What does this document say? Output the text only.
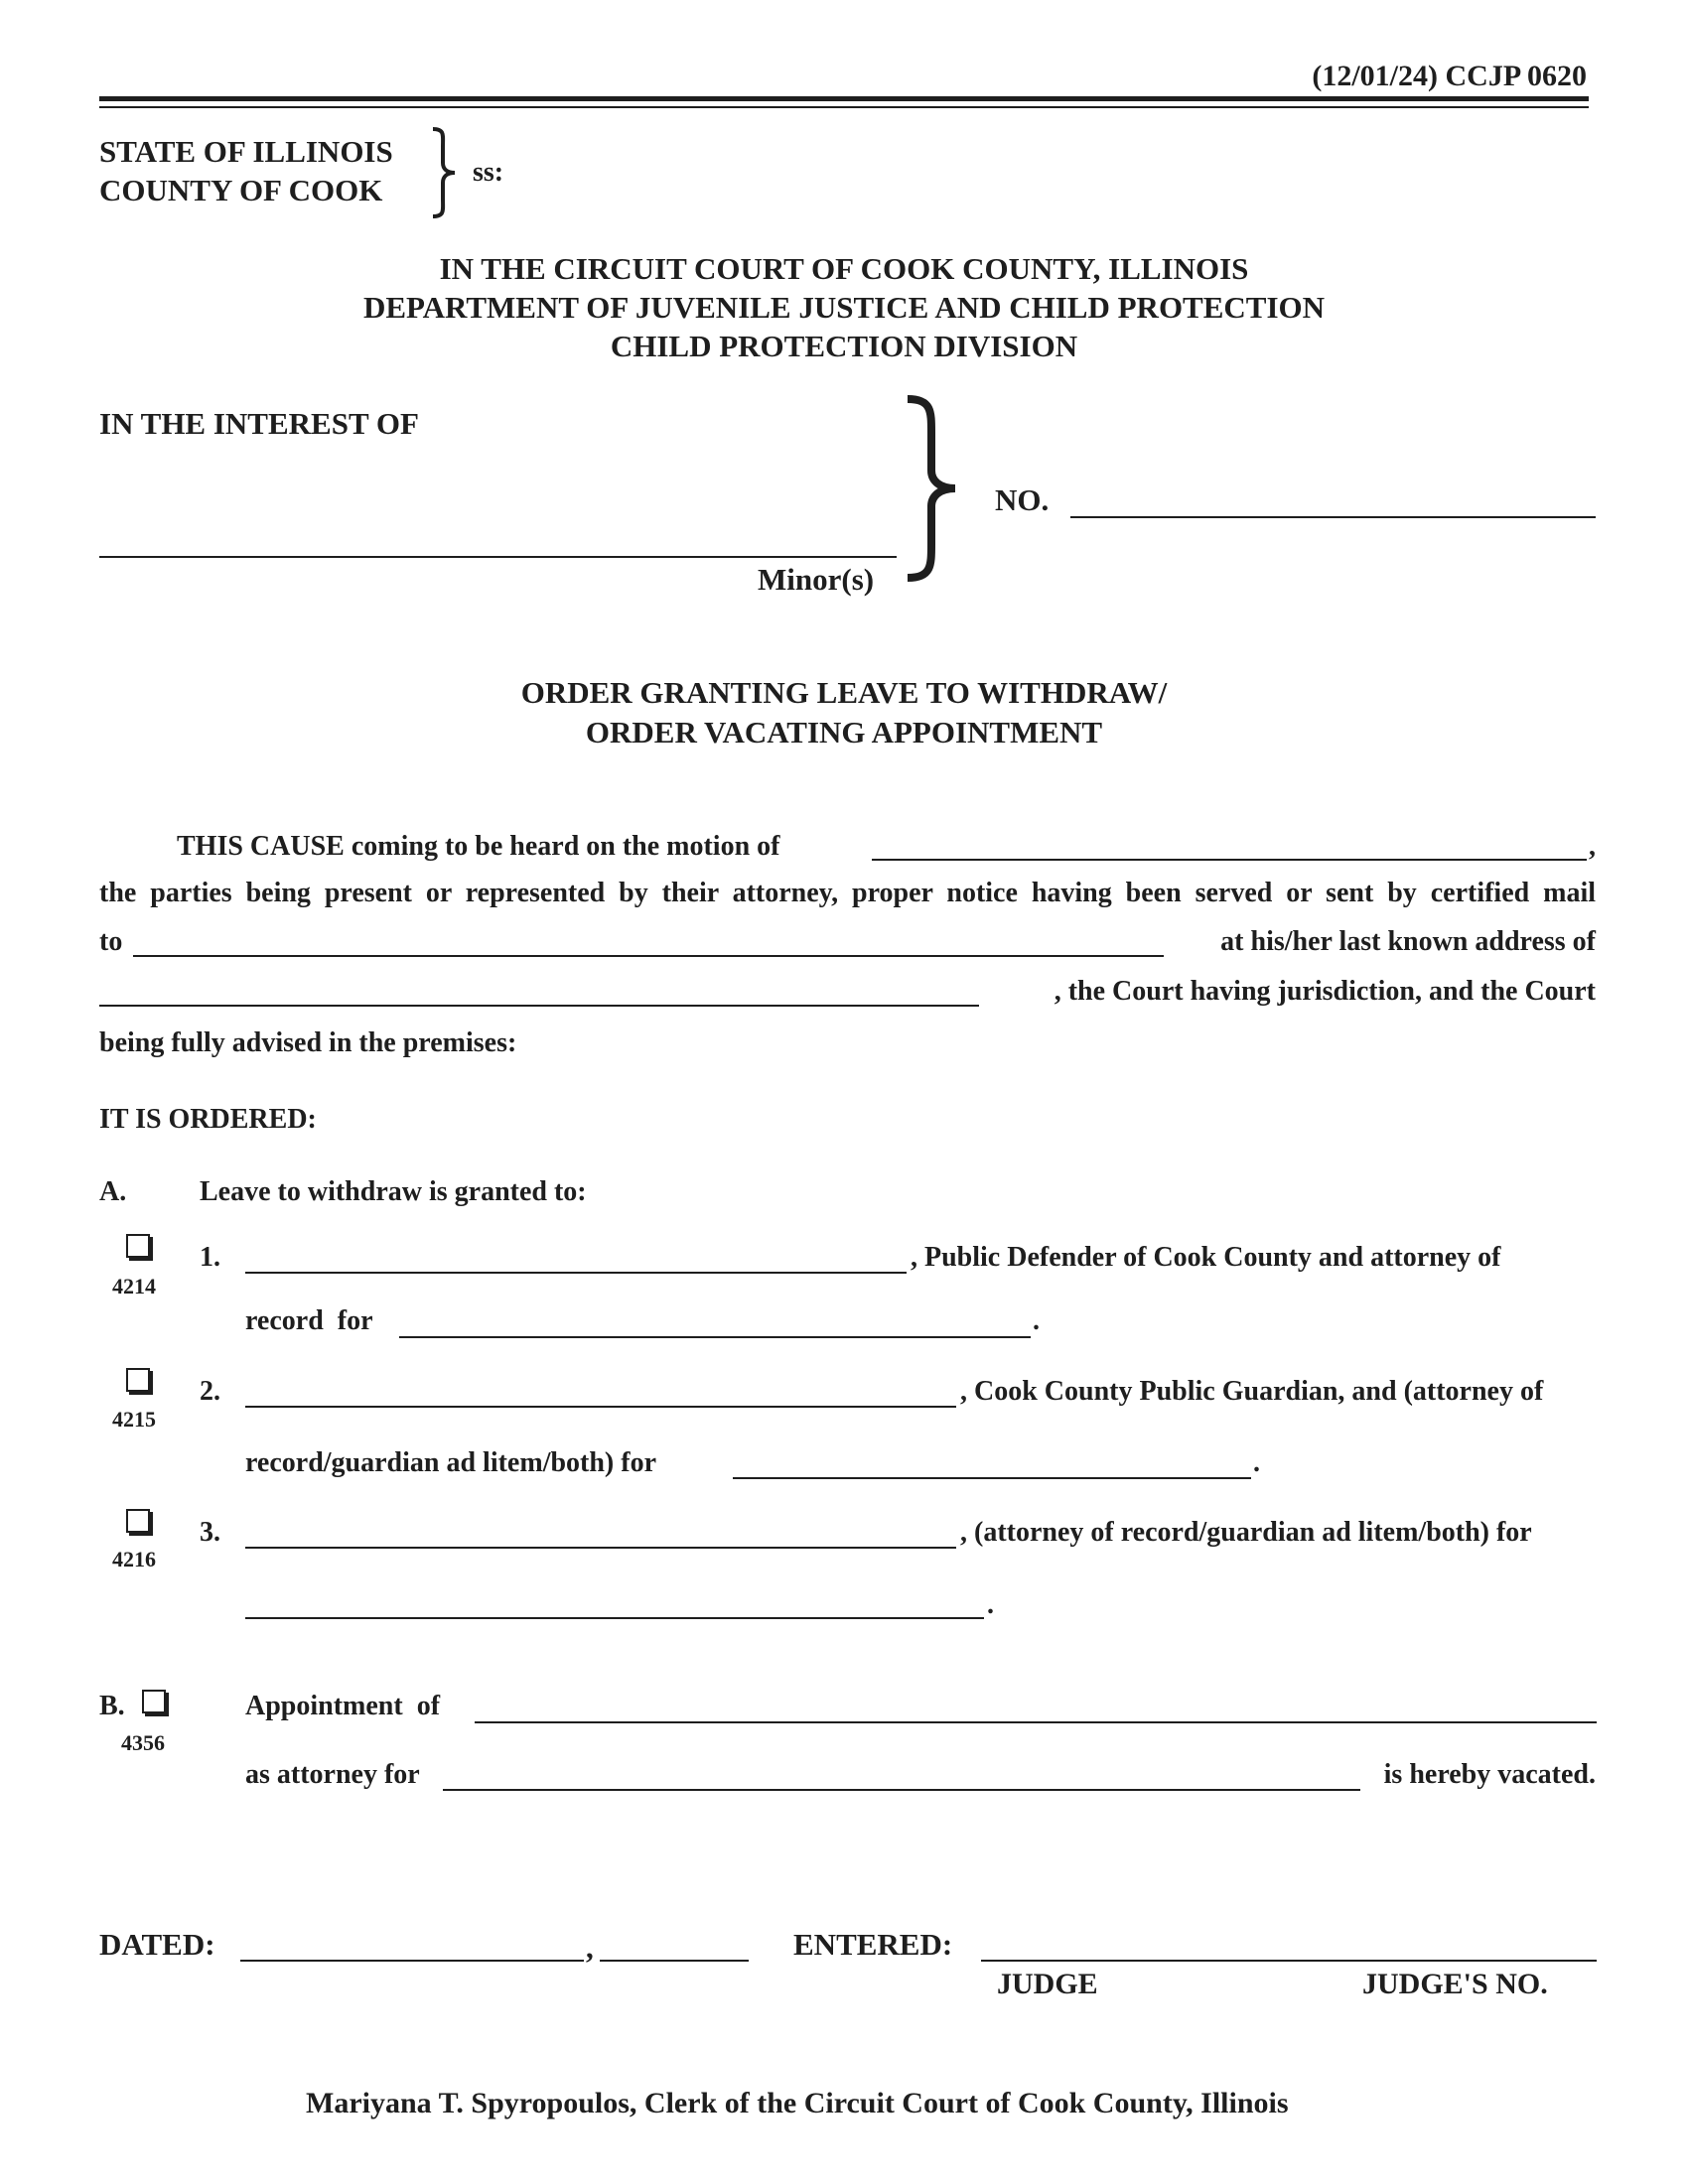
(12/01/24) CCJP 0620
STATE OF ILLINOIS
COUNTY OF COOK
ss:
IN THE CIRCUIT COURT OF COOK COUNTY, ILLINOIS
DEPARTMENT OF JUVENILE JUSTICE AND CHILD PROTECTION
CHILD PROTECTION DIVISION
IN THE INTEREST OF
Minor(s)
NO.
ORDER GRANTING LEAVE TO WITHDRAW/
ORDER VACATING APPOINTMENT
THIS CAUSE coming to be heard on the motion of	,
the parties being present or represented by their attorney, proper notice having been served or sent by certified mail
to	at his/her last known address of
, the Court having jurisdiction, and the Court
being fully advised in the premises:
IT IS ORDERED:
A.	Leave to withdraw is granted to:
4214
1.	, Public Defender of Cook County and attorney of
record  for	.
4215
2.	, Cook County Public Guardian, and (attorney of
record/guardian ad litem/both) for	.
4216
3.	, (attorney of record/guardian ad litem/both) for
.
B.
4356
Appointment  of
as attorney for	is hereby vacated.
DATED:	,	ENTERED:
JUDGE	JUDGE'S NO.
Mariyana T. Spyropoulos, Clerk of the Circuit Court of Cook County, Illinois
